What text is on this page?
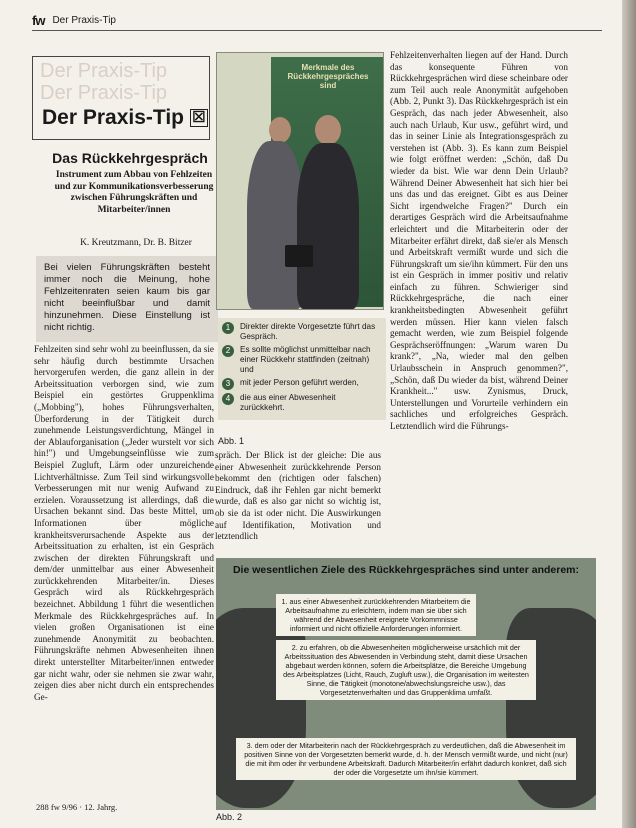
fw Der Praxis-Tip
Der Praxis-Tip
Der Praxis-Tip
Der Praxis-Tip ☒
Das Rückkehrgespräch
Instrument zum Abbau von Fehlzeiten und zur Kommunikationsverbesserung zwischen Führungskräften und Mitarbeiter/innen
K. Kreutzmann, Dr. B. Bitzer
Bei vielen Führungskräften besteht immer noch die Meinung, hohe Fehlzeitenraten seien kaum bis gar nicht beeinflußbar und damit hinzunehmen. Diese Einstellung ist nicht richtig.
Fehlzeiten sind sehr wohl zu beeinflussen, da sie sehr häufig durch bestimmte Ursachen hervorgerufen werden, die ganz allein in der Arbeitssituation verborgen sind, wie zum Beispiel ein gestörtes Gruppenklima („Mobbing"), hohes Führungsverhalten, Überforderung in der Tätigkeit durch zunehmende Leistungsverdichtung, Mängel in der Ablauforganisation („Jeder wurstelt vor sich hin!") und Umgebungseinflüsse wie zum Beispiel Zugluft, Lärm oder unzureichende Lichtverhältnisse. Zum Teil sind wirkungsvolle Verbesserungen mit nur wenig Aufwand zu erzielen. Voraussetzung ist allerdings, daß die Ursachen bekannt sind. Das beste Mittel, um Informationen über mögliche krankheitsverursachende Aspekte aus der Arbeitssituation zu erhalten, ist ein Gespräch zwischen der direkten Führungskraft und dem/der unmittelbar aus einer Abwesenheit zurückkehrenden Mitarbeiter/in. Dieses Gespräch wird als Rückkehrgespräch bezeichnet. Abbildung 1 führt die wesentlichen Merkmale des Rückkehrgespräches auf. In vielen großen Organisationen ist eine zunehmende Anonymität zu beobachten. Führungskräfte nehmen Abwesenheiten ihnen direkt unterstellter Mitarbeiter/innen entweder gar nicht wahr, oder sie nehmen sie zwar wahr, zeigen dies aber nicht durch ein entsprechendes Ge-
Merkmale des Rückkehrgespräches sind
1	Direkter direkte Vorgesetzte führt das Gespräch.
2	Es sollte möglichst unmittelbar nach einer Rückkehr stattfinden (zeitnah) und
3	mit jeder Person geführt werden,
4	die aus einer Abwesenheit zurückkehrt.
Abb. 1
spräch. Der Blick ist der gleiche: Die aus einer Abwesenheit zurückkehrende Person bekommt den (richtigen oder falschen) Eindruck, daß ihr Fehlen gar nicht bemerkt wurde, daß es also gar nicht so wichtig ist, ob sie da ist oder nicht. Die Auswirkungen auf Identifikation, Motivation und letztendlich
Fehlzeitenverhalten liegen auf der Hand. Durch das konsequente Führen von Rückkehrgesprächen wird diese scheinbare oder zum Teil auch reale Anonymität aufgehoben (Abb. 2, Punkt 3). Das Rückkehrgespräch ist ein Gespräch, das nach jeder Abwesenheit, also auch nach Urlaub, Kur usw., geführt wird, und das in seiner Linie als Integrationsgespräch zu verstehen ist (Abb. 3). Es kann zum Beispiel wie folgt eröffnet werden: „Schön, daß Du wieder da bist. Wie war denn Dein Urlaub? Während Deiner Abwesenheit hat sich hier bei uns das und das ereignet. Gibt es aus Deiner Sicht irgendwelche Fragen?" Durch ein derartiges Gespräch wird die Arbeitsaufnahme erleichtert und die Mitarbeiterin oder der Mitarbeiter erfährt direkt, daß sie/er als Mensch und Arbeitskraft vermißt wurde und sich die Führungskraft um sie/ihn kümmert. Für den uns ist ein Gespräch in immer positiv und relativ einfach zu führen. Schwieriger sind Rückkehrgespräche, die nach einer krankheitsbedingten Abwesenheit geführt werden müssen. Hier kann vielen falsch gemacht werden, wie zum Beispiel folgende Gesprächseröffnungen: „Warum waren Du krank?", „Na, wieder mal den gelben Urlaubsschein in Anspruch genommen?", „Schön, daß Du wieder da bist, während Deiner Krankheit..." usw. Zynismus, Druck, Unterstellungen und Vorurteile verhindern ein sachliches und erfolgreiches Gespräch. Letztendlich wird die Führungs-
Die wesentlichen Ziele des Rückkehrgespräches sind unter anderem:
1. aus einer Abwesenheit zurückkehrenden Mitarbeitern die Arbeitsaufnahme zu erleichtern, indem man sie über sich während der Abwesenheit ereignete Vorkommnisse informiert und nicht offizielle Anforderungen informiert.
2. zu erfahren, ob die Abwesenheiten möglicherweise ursächlich mit der Arbeitssituation des Abwesenden in Verbindung steht, damit diese Ursachen abgebaut werden können, sofern die Arbeitsplätze, die Bereiche Umgebung des Arbeitsplatzes (Licht, Rauch, Zugluft usw.), die Organisation im weitesten Sinne, die Tätigkeit (monotone/abwechslungsreiche usw.), das Vorgesetztenverhalten und das Gruppenklima umfaßt.
3. dem oder der Mitarbeiterin nach der Rückkehrgespräch zu verdeutlichen, daß die Abwesenheit im positiven Sinne von der Vorgesetzten bemerkt wurde, d. h. der Mensch vermißt wurde, und nicht (nur) die mit ihm oder ihr verbundene Arbeitskraft. Dadurch Mitarbeiter/in erfährt dadurch konkret, daß sich der oder die Vorgesetzte um ihn/sie kümmert.
Abb. 2
288 fw 9/96 · 12. Jahrg.
